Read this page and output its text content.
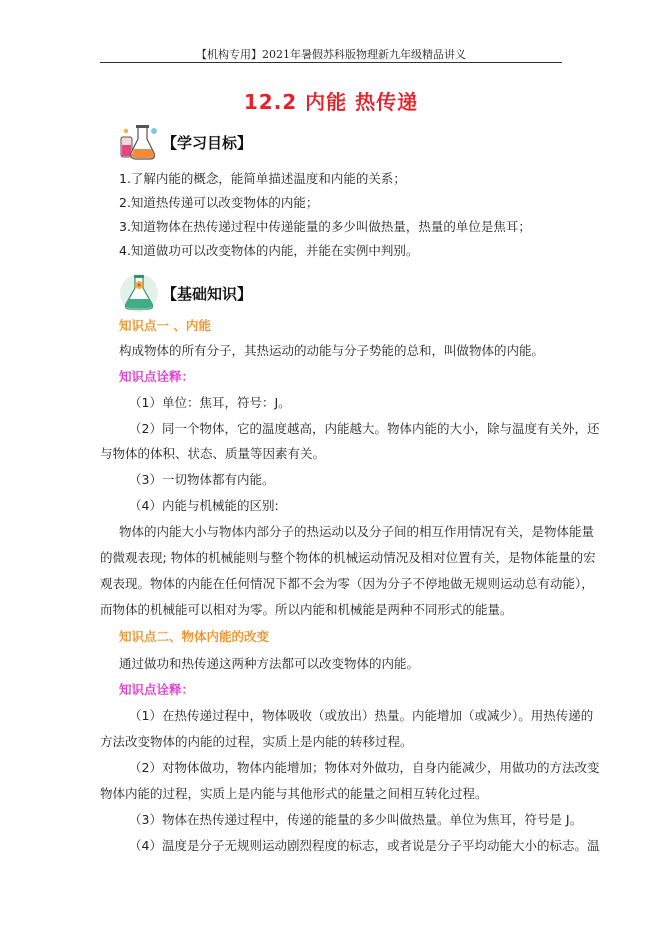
【机构专用】2021年暑假苏科版物理新九年级精品讲义
12.2 内能 热传递
【学习目标】
1.了解内能的概念，能简单描述温度和内能的关系；
2.知道热传递可以改变物体的内能；
3.知道物体在热传递过程中传递能量的多少叫做热量，热量的单位是焦耳；
4.知道做功可以改变物体的内能，并能在实例中判别。
【基础知识】
知识点一 、内能
构成物体的所有分子，其热运动的动能与分子势能的总和，叫做物体的内能。
知识点诠释：
（1）单位：焦耳，符号：J。
（2）同一个物体，它的温度越高，内能越大。物体内能的大小，除与温度有关外，还
与物体的体积、状态、质量等因素有关。
（3）一切物体都有内能。
（4）内能与机械能的区别:
物体的内能大小与物体内部分子的热运动以及分子间的相互作用情况有关，是物体能量
的微观表现; 物体的机械能则与整个物体的机械运动情况及相对位置有关，是物体能量的宏
观表现。物体的内能在任何情况下都不会为零（因为分子不停地做无规则运动总有动能），
而物体的机械能可以相对为零。所以内能和机械能是两种不同形式的能量。
知识点二、物体内能的改变
通过做功和热传递这两种方法都可以改变物体的内能。
知识点诠释：
（1）在热传递过程中，物体吸收（或放出）热量。内能增加（或减少）。用热传递的
方法改变物体的内能的过程，实质上是内能的转移过程。
（2）对物体做功，物体内能增加；物体对外做功，自身内能减少，用做功的方法改变
物体内能的过程，实质上是内能与其他形式的能量之间相互转化过程。
（3）物体在热传递过程中，传递的能量的多少叫做热量。单位为焦耳，符号是 J。
（4）温度是分子无规则运动剧烈程度的标志，或者说是分子平均动能大小的标志。温
